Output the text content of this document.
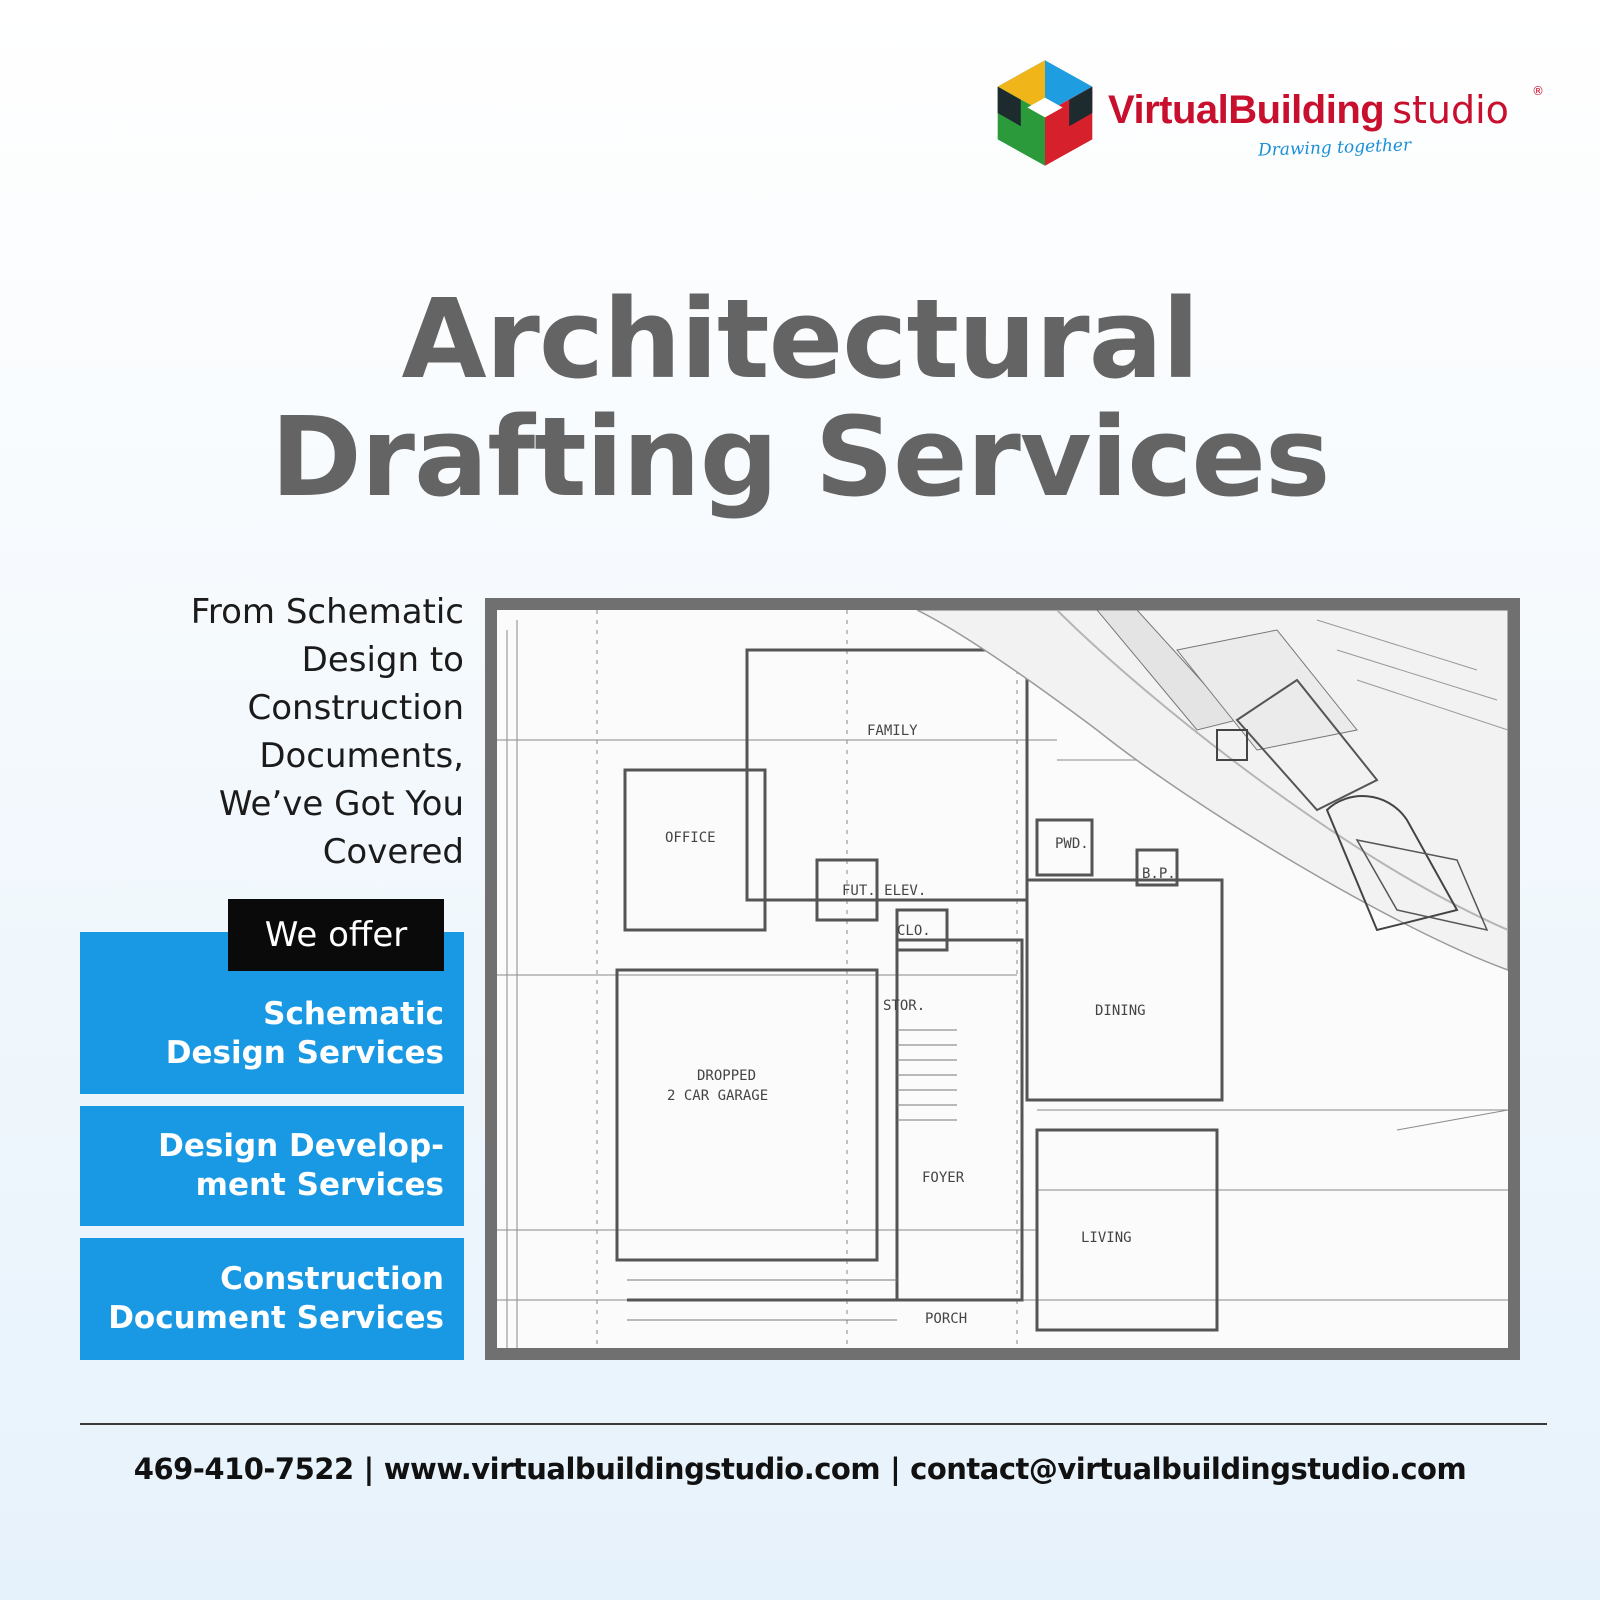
VirtualBuilding studio ®
Drawing together
Architectural
Drafting Services
From Schematic
Design to
Construction
Documents,
We’ve Got You
Covered
We offer
Schematic
Design Services
Design Develop-
ment Services
Construction
Document Services
FAMILY
OFFICE	PWD.
B.P.
FUT. ELEV.
CLO.
STOR.	DINING
DROPPED
2 CAR GARAGE
FOYER
LIVING
PORCH
469-410-7522 | www.virtualbuildingstudio.com | contact@virtualbuildingstudio.com
